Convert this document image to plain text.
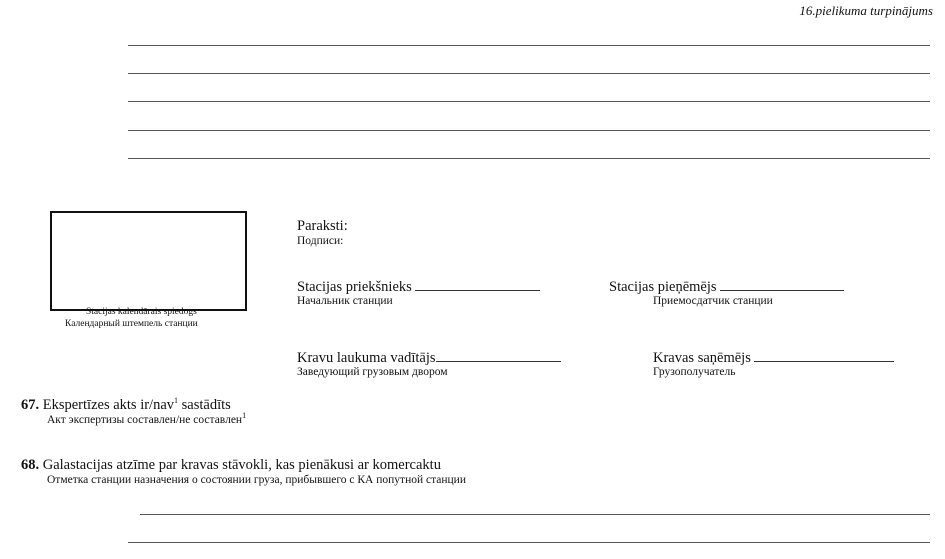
16.pielikuma turpinājums
Stacijas kalendārais spiedogs
Календарный штемпель станции
Paraksti:
Подписи:
Stacijas priekšnieks
Начальник станции
Stacijas pieņēmējs
Приемосдатчик станции
Kravu laukuma vadītājs
Заведующий грузовым двором
Kravas saņēmējs
Грузополучатель
67. Ekspertīzes akts ir/nav$^1$ sastādīts
Акт экспертизы составлен/не составлен$^1$
68. Galastacijas atzīme par kravas stāvokli, kas pienākusi ar komercaktu
Отметка станции назначения о состоянии груза, прибывшего с КА попутной станции
